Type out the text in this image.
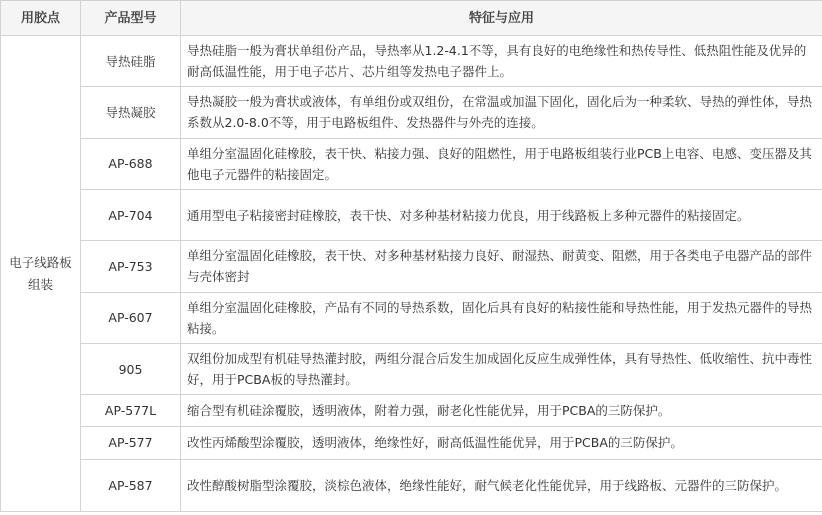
用胶点	产品型号	特征与应用
电子线路板组装	导热硅脂	导热硅脂一般为膏状单组份产品，导热率从1.2-4.1不等，具有良好的电绝缘性和热传导性、低热阻性能及优异的耐高低温性能，用于电子芯片、芯片组等发热电子器件上。
	导热凝胶	导热凝胶一般为膏状或液体，有单组份或双组份，在常温或加温下固化，固化后为一种柔软、导热的弹性体，导热系数从2.0-8.0不等，用于电路板组件、发热器件与外壳的连接。
	AP-688	单组分室温固化硅橡胶，表干快、粘接力强、良好的阻燃性，用于电路板组装行业PCB上电容、电感、变压器及其他电子元器件的粘接固定。
	AP-704	通用型电子粘接密封硅橡胶，表干快、对多种基材粘接力优良，用于线路板上多种元器件的粘接固定。
	AP-753	单组分室温固化硅橡胶，表干快、对多种基材粘接力良好、耐湿热、耐黄变、阻燃，用于各类电子电器产品的部件与壳体密封
	AP-607	单组分室温固化硅橡胶，产品有不同的导热系数，固化后具有良好的粘接性能和导热性能，用于发热元器件的导热粘接。
	905	双组份加成型有机硅导热灌封胶，两组分混合后发生加成固化反应生成弹性体，具有导热性、低收缩性、抗中毒性好，用于PCBA板的导热灌封。
	AP-577L	缩合型有机硅涂覆胶，透明液体，附着力强，耐老化性能优异，用于PCBA的三防保护。
	AP-577	改性丙烯酸型涂覆胶，透明液体，绝缘性好，耐高低温性能优异，用于PCBA的三防保护。
	AP-587	改性醇酸树脂型涂覆胶，淡棕色液体，绝缘性能好，耐气候老化性能优异，用于线路板、元器件的三防保护。
